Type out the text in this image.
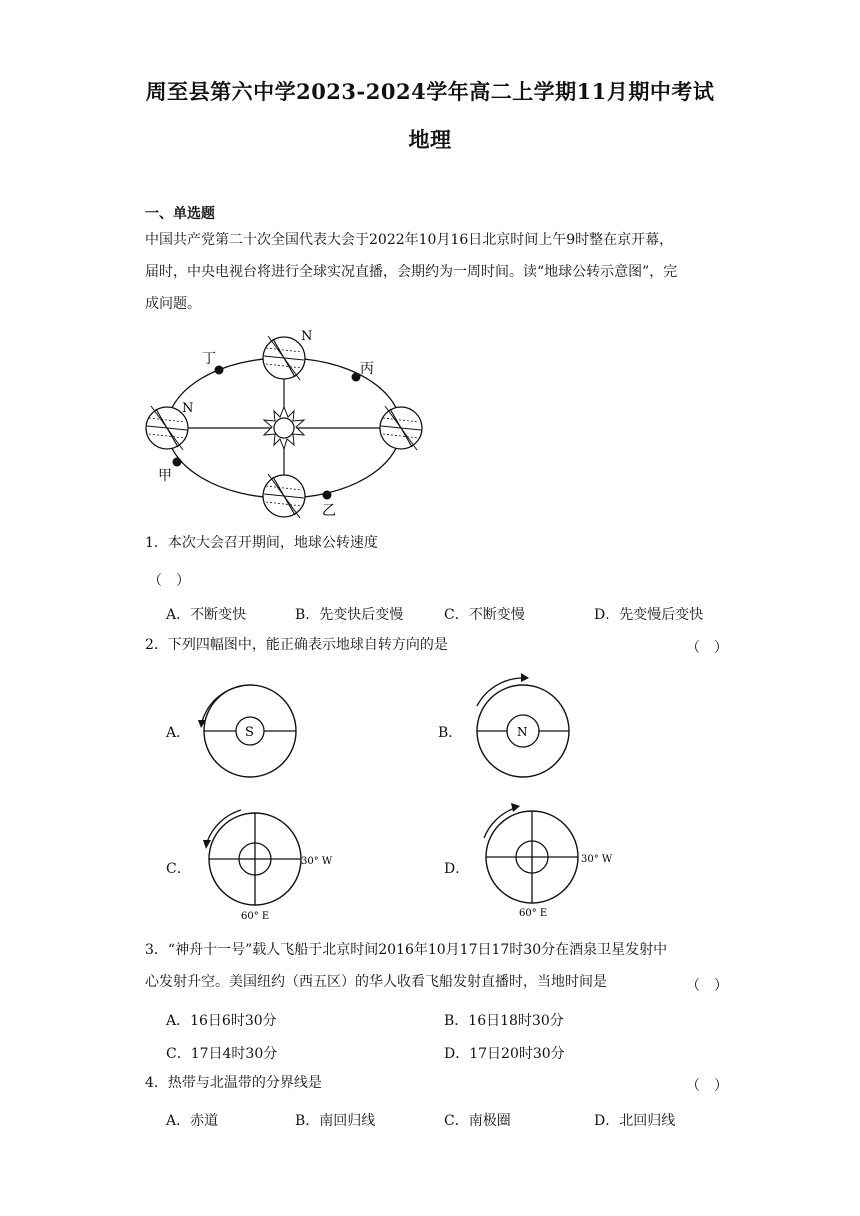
周至县第六中学2023-2024学年高二上学期11月期中考试
地理
一、单选题
中国共产党第二十次全国代表大会于2022年10月16日北京时间上午9时整在京开幕，
届时，中央电视台将进行全球实况直播，会期约为一周时间。读“地球公转示意图”，完
成问题。
丁
丙
甲
乙
N
N
1．本次大会召开期间，地球公转速度
（　）
A．不断变快	B．先变快后变慢	C．不断变慢	D．先变慢后变快
2．下列四幅图中，能正确表示地球自转方向的是	（　）
A．	B．
C．	D．
S	N
30° W
60° E
30° W
60° E
3．“神舟十一号”载人飞船于北京时间2016年10月17日17时30分在酒泉卫星发射中
心发射升空。美国纽约（西五区）的华人收看飞船发射直播时，当地时间是	（　）
A．16日6时30分	B．16日18时30分
C．17日4时30分	D．17日20时30分
4．热带与北温带的分界线是	（　）
A．赤道	B．南回归线	C．南极圈	D．北回归线
